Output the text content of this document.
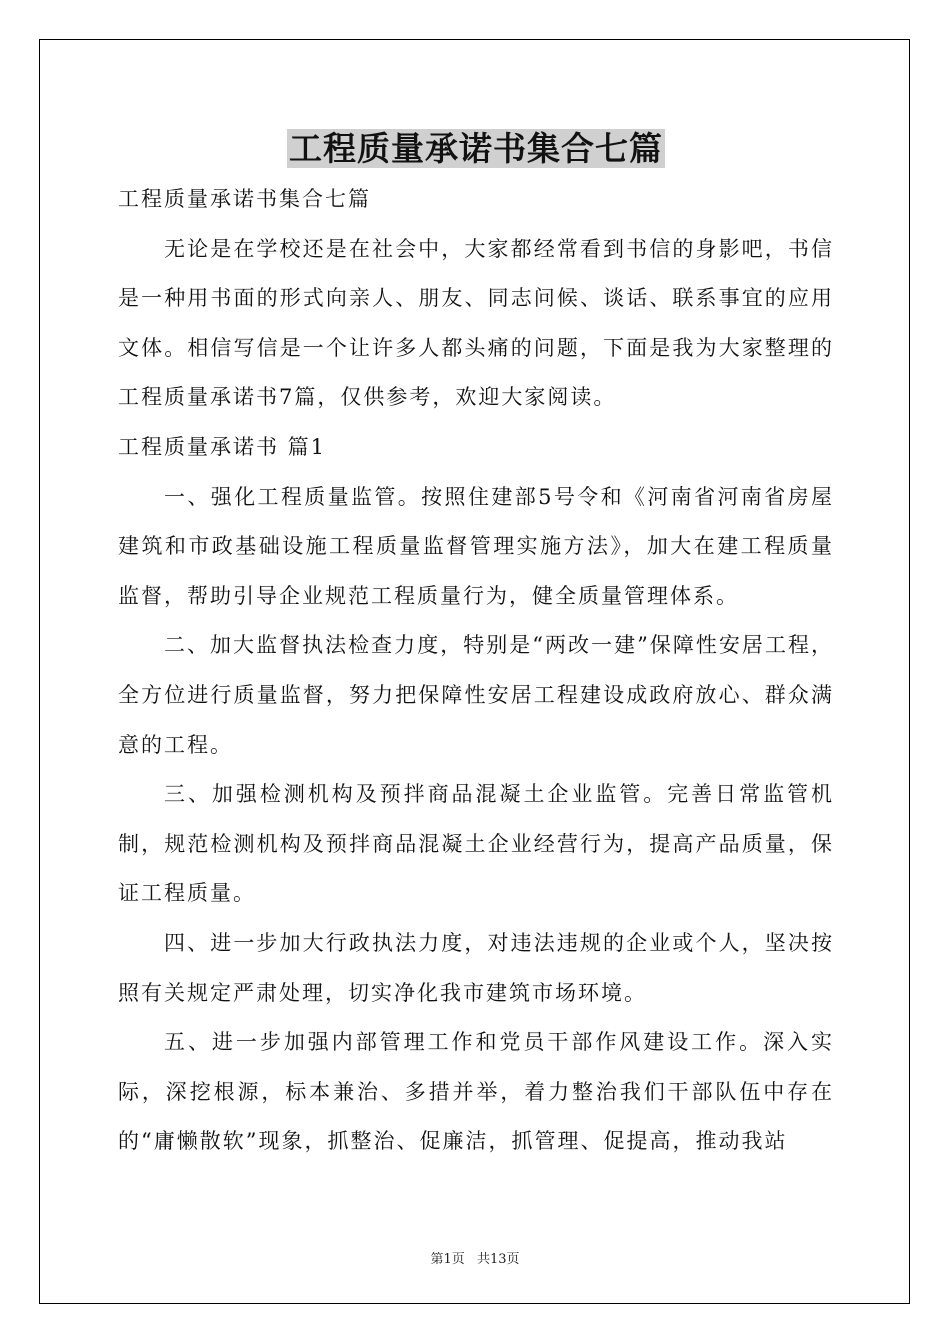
工程质量承诺书集合七篇

工程质量承诺书集合七篇

无论是在学校还是在社会中，大家都经常看到书信的身影吧，书信是一种用书面的形式向亲人、朋友、同志问候、谈话、联系事宜的应用文体。相信写信是一个让许多人都头痛的问题，下面是我为大家整理的工程质量承诺书7篇，仅供参考，欢迎大家阅读。

工程质量承诺书 篇1

一、强化工程质量监管。按照住建部5号令和《河南省河南省房屋建筑和市政基础设施工程质量监督管理实施方法》，加大在建工程质量监督，帮助引导企业规范工程质量行为，健全质量管理体系。

二、加大监督执法检查力度，特别是“两改一建”保障性安居工程，全方位进行质量监督，努力把保障性安居工程建设成政府放心、群众满意的工程。

三、加强检测机构及预拌商品混凝土企业监管。完善日常监管机制，规范检测机构及预拌商品混凝土企业经营行为，提高产品质量，保证工程质量。

四、进一步加大行政执法力度，对违法违规的企业或个人，坚决按照有关规定严肃处理，切实净化我市建筑市场环境。

五、进一步加强内部管理工作和党员干部作风建设工作。深入实际，深挖根源，标本兼治、多措并举，着力整治我们干部队伍中存在的“庸懒散软”现象，抓整治、促廉洁，抓管理、促提高，推动我站

第1页 共13页
